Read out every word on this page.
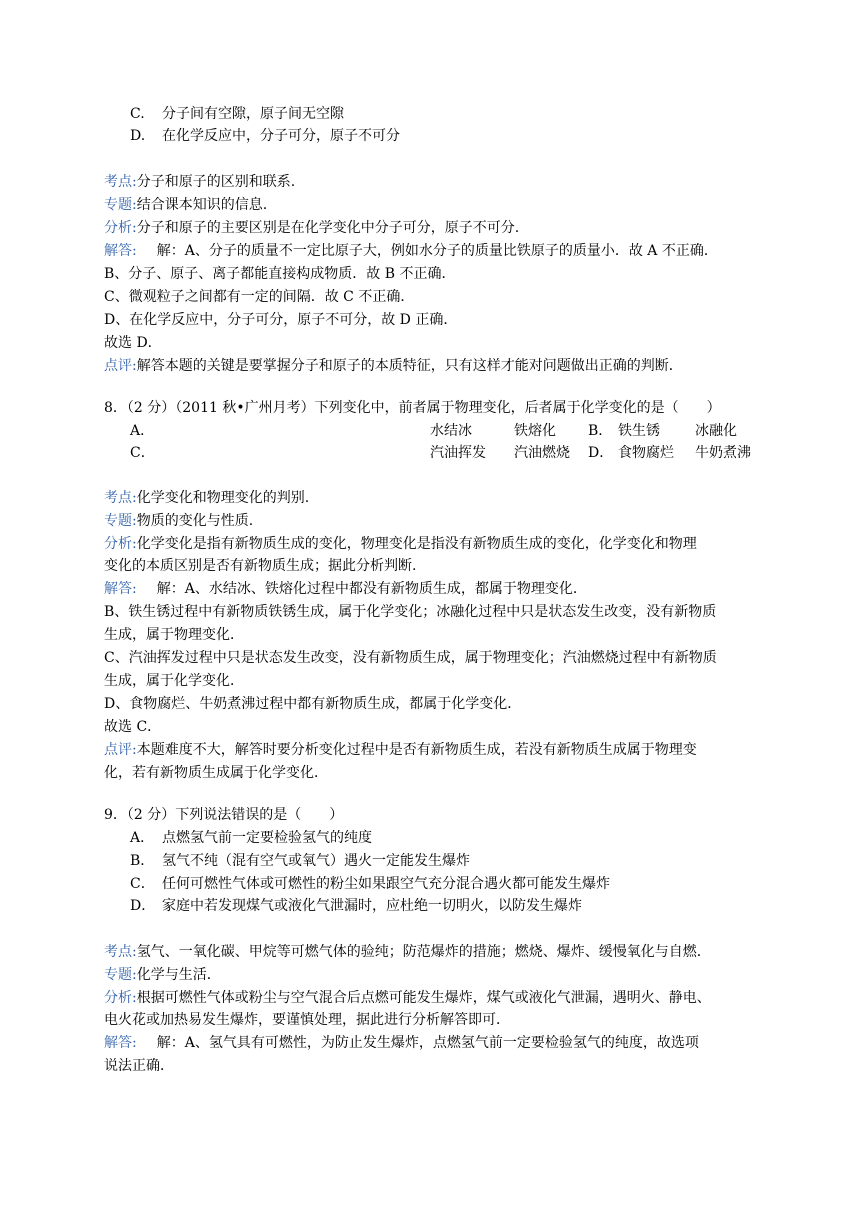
C. 分子间有空隙，原子间无空隙
D. 在化学反应中，分子可分，原子不可分
考点:分子和原子的区别和联系.
专题:结合课本知识的信息.
分析:分子和原子的主要区别是在化学变化中分子可分，原子不可分.
解答: 解：A、分子的质量不一定比原子大，例如水分子的质量比铁原子的质量小．故 A 不正确．
B、分子、原子、离子都能直接构成物质．故 B 不正确．
C、微观粒子之间都有一定的间隔．故 C 不正确．
D、在化学反应中，分子可分，原子不可分，故 D 正确．
故选 D．
点评:解答本题的关键是要掌握分子和原子的本质特征，只有这样才能对问题做出正确的判断．
8．（2 分）（2011 秋•广州月考）下列变化中，前者属于物理变化，后者属于化学变化的是（　　）
A．	水结冰	铁熔化 B． 铁生锈	冰融化
C．	汽油挥发 汽油燃烧 D． 食物腐烂 牛奶煮沸
考点:化学变化和物理变化的判别.
专题:物质的变化与性质.
分析:化学变化是指有新物质生成的变化，物理变化是指没有新物质生成的变化，化学变化和物理
变化的本质区别是否有新物质生成；据此分析判断.
解答: 解：A、水结冰、铁熔化过程中都没有新物质生成，都属于物理变化．
B、铁生锈过程中有新物质铁锈生成，属于化学变化；冰融化过程中只是状态发生改变，没有新物质
生成，属于物理变化．
C、汽油挥发过程中只是状态发生改变，没有新物质生成，属于物理变化；汽油燃烧过程中有新物质
生成，属于化学变化．
D、食物腐烂、牛奶煮沸过程中都有新物质生成，都属于化学变化．
故选 C．
点评:本题难度不大，解答时要分析变化过程中是否有新物质生成，若没有新物质生成属于物理变
化，若有新物质生成属于化学变化．
9．（2 分）下列说法错误的是（　　）
A． 点燃氢气前一定要检验氢气的纯度
B． 氢气不纯（混有空气或氧气）遇火一定能发生爆炸
C． 任何可燃性气体或可燃性的粉尘如果跟空气充分混合遇火都可能发生爆炸
D． 家庭中若发现煤气或液化气泄漏时，应杜绝一切明火，以防发生爆炸
考点:氢气、一氧化碳、甲烷等可燃气体的验纯；防范爆炸的措施；燃烧、爆炸、缓慢氧化与自燃．
专题:化学与生活．
分析:根据可燃性气体或粉尘与空气混合后点燃可能发生爆炸，煤气或液化气泄漏，遇明火、静电、
电火花或加热易发生爆炸，要谨慎处理，据此进行分析解答即可．
解答: 解：A、氢气具有可燃性，为防止发生爆炸，点燃氢气前一定要检验氢气的纯度，故选项
说法正确．
